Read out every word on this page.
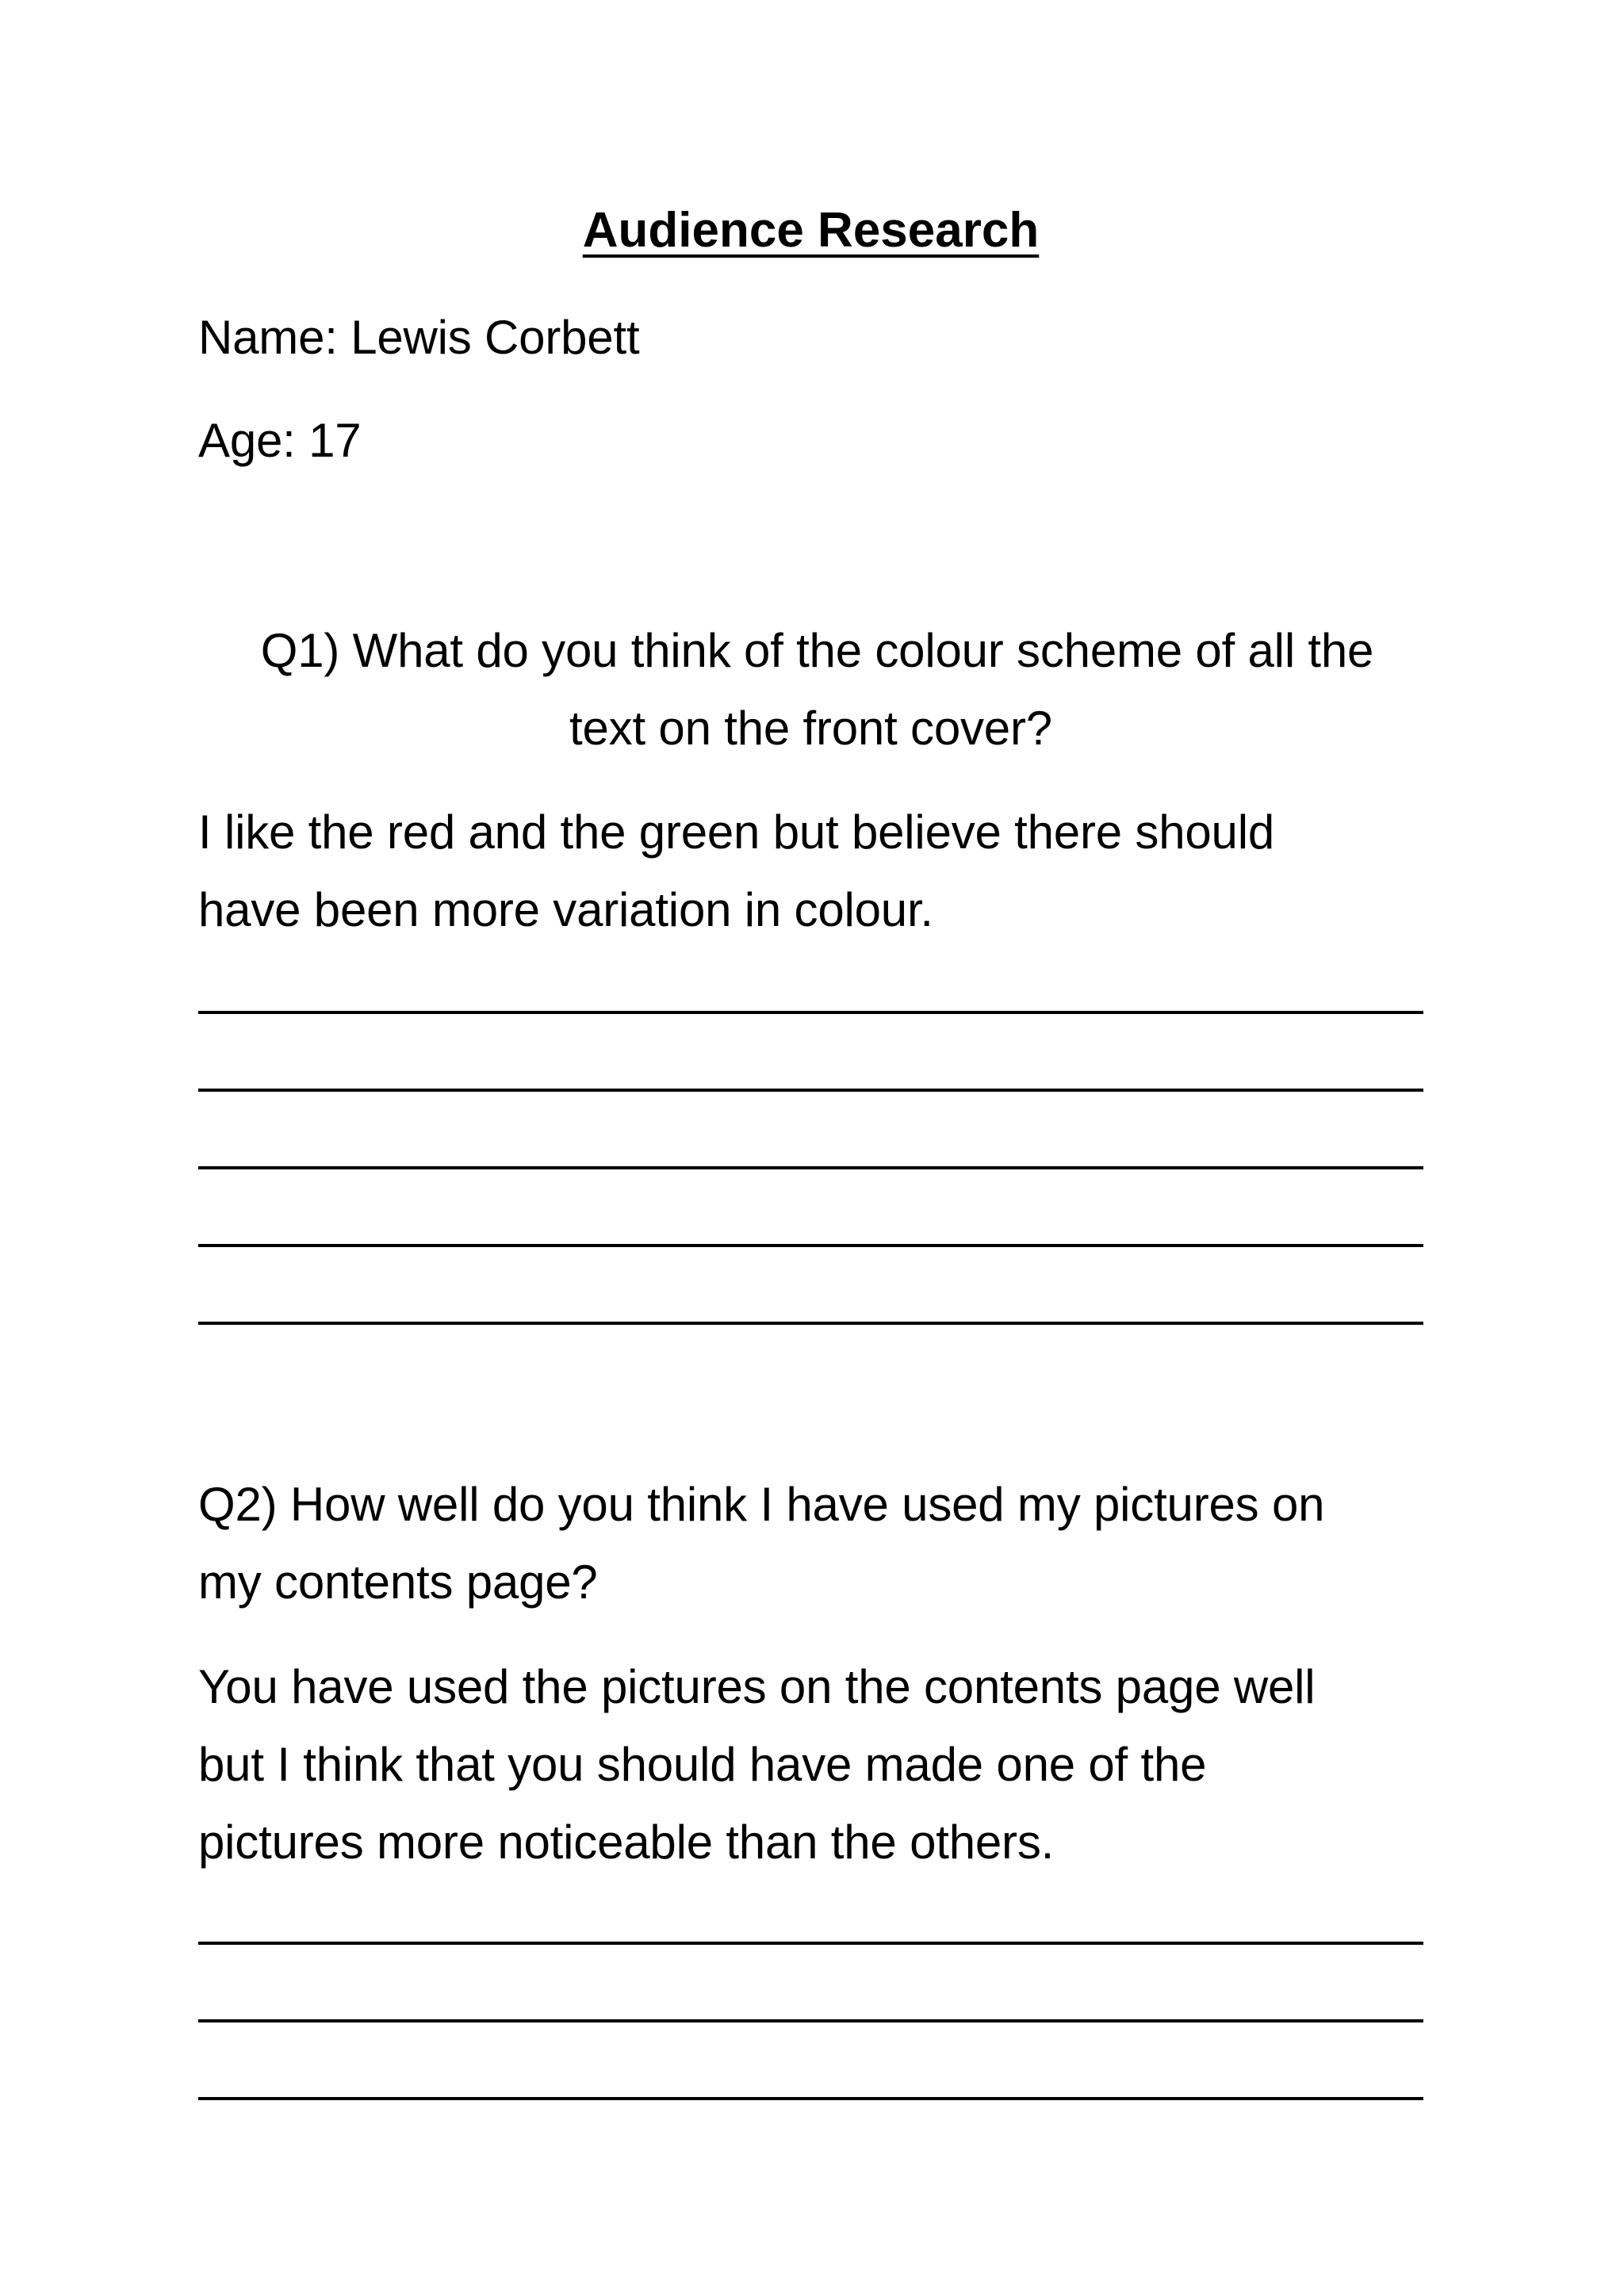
Audience Research
Name: Lewis Corbett
Age: 17
Q1) What do you think of the colour scheme of all the
text on the front cover?
I like the red and the green but believe there should
have been more variation in colour.
Q2) How well do you think I have used my pictures on
my contents page?
You have used the pictures on the contents page well
but I think that you should have made one of the
pictures more noticeable than the others.
